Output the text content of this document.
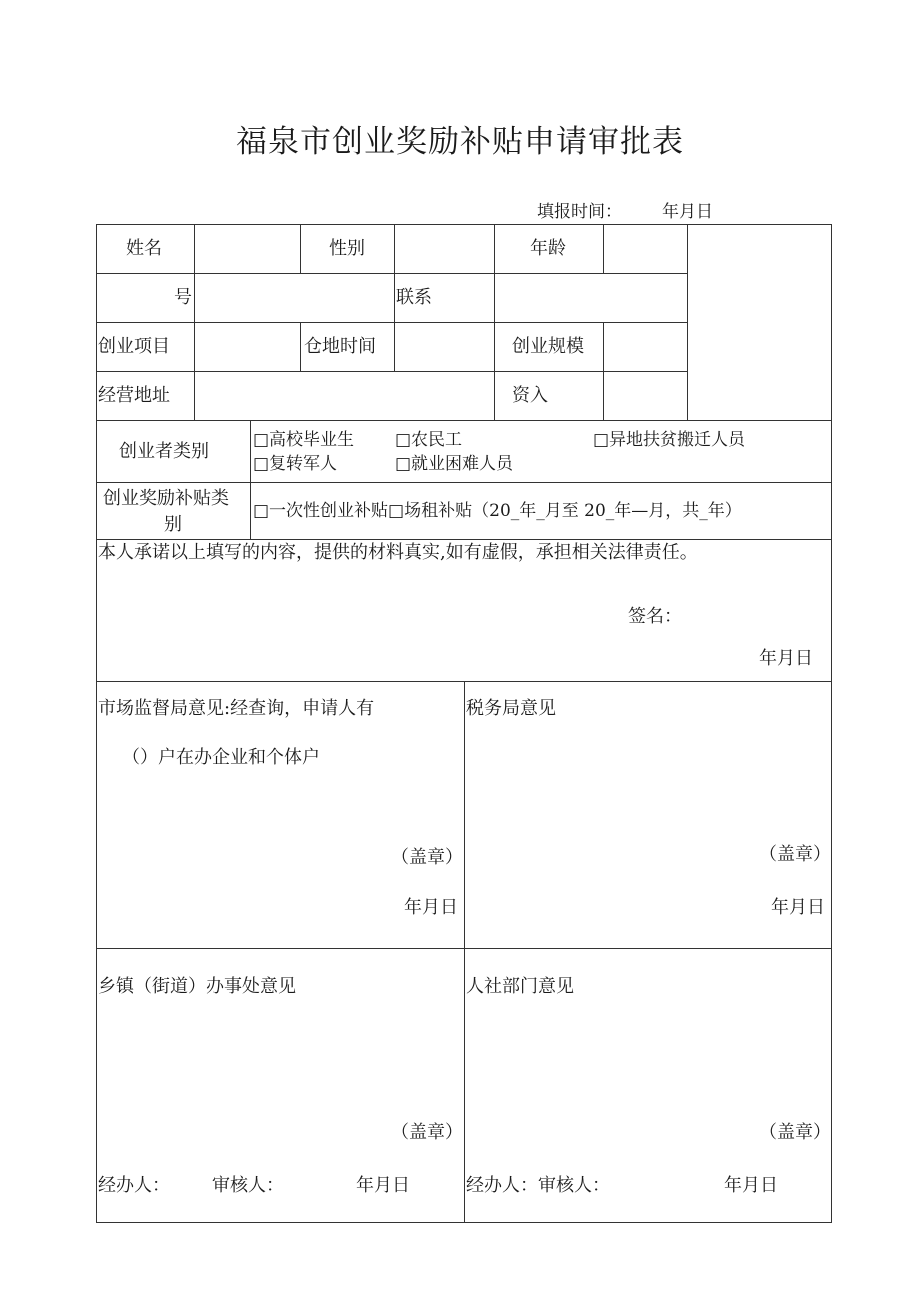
福泉市创业奖励补贴申请审批表
填报时间： 年月日
姓名	性别	年龄
号	联系
创业项目	仓地时间	创业规模
经营地址	资入
创业者类别
□高校毕业生 □农民工	□异地扶贫搬迁人员
□复转军人	□就业困难人员
创业奖励补贴类
别
□一次性创业补贴□场租补贴（20_年_月至 20_年—月，共_年）
本人承诺以上填写的内容，提供的材料真实,如有虚假，承担相关法律责任。
签名：
年月日
市场监督局意见:经查询，申请人有
（）户在办企业和个体户
（盖章）
年月日
税务局意见
（盖章）
年月日
乡镇（街道）办事处意见
（盖章）
经办人： 审核人：	年月日
人社部门意见
（盖章）
经办人：审核人：	年月日
